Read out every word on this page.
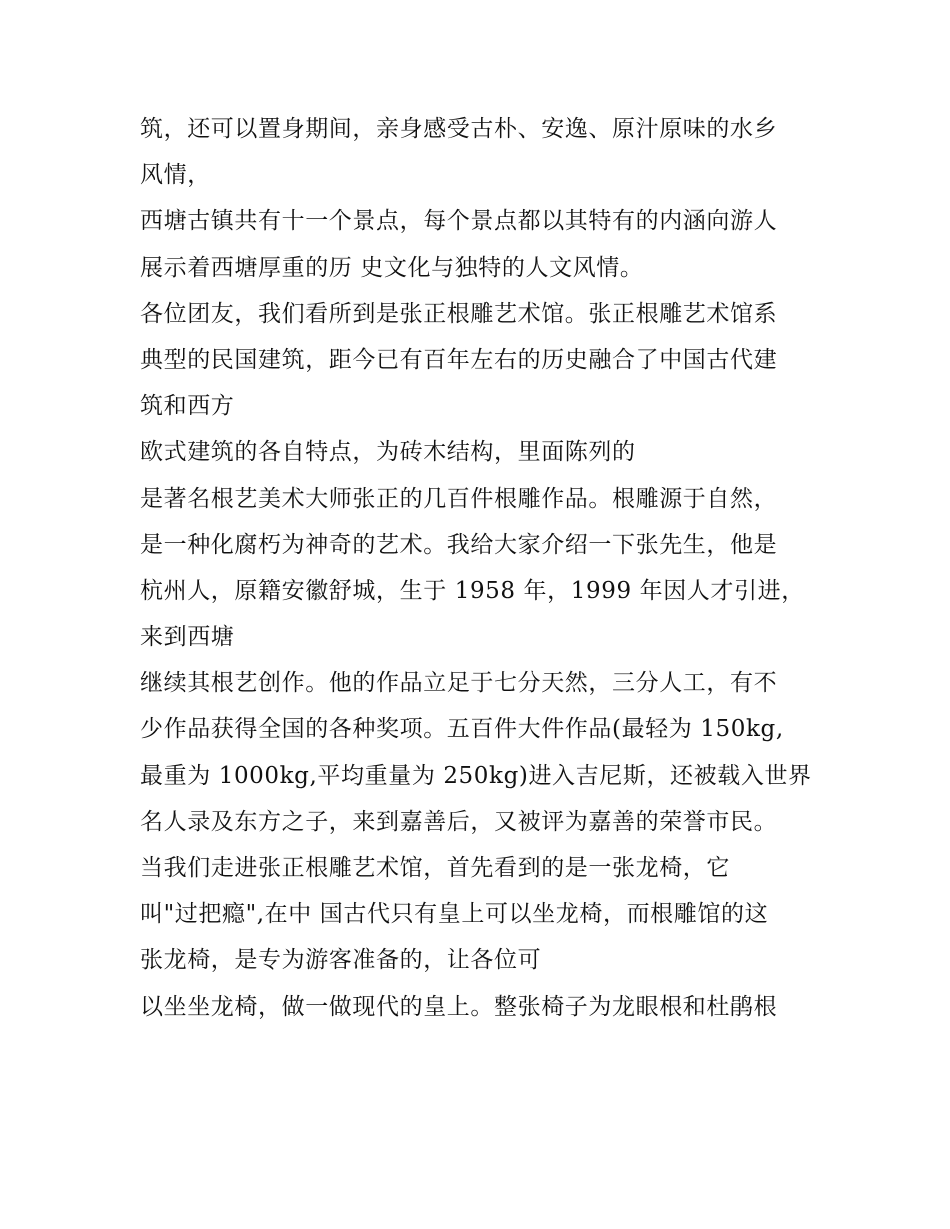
筑，还可以置身期间，亲身感受古朴、安逸、原汁原味的水乡
风情，
西塘古镇共有十一个景点，每个景点都以其特有的内涵向游人
展示着西塘厚重的历 史文化与独特的人文风情。
各位团友，我们看所到是张正根雕艺术馆。张正根雕艺术馆系
典型的民国建筑，距今已有百年左右的历史融合了中国古代建
筑和西方
欧式建筑的各自特点，为砖木结构，里面陈列的
是著名根艺美术大师张正的几百件根雕作品。根雕源于自然，
是一种化腐朽为神奇的艺术。我给大家介绍一下张先生，他是
杭州人，原籍安徽舒城，生于 1958 年，1999 年因人才引进，
来到西塘
继续其根艺创作。他的作品立足于七分天然，三分人工，有不
少作品获得全国的各种奖项。五百件大件作品(最轻为 150kg,
最重为 1000kg,平均重量为 250kg)进入吉尼斯，还被载入世界
名人录及东方之子，来到嘉善后，又被评为嘉善的荣誉市民。
当我们走进张正根雕艺术馆，首先看到的是一张龙椅，它
叫"过把瘾",在中 国古代只有皇上可以坐龙椅，而根雕馆的这
张龙椅，是专为游客准备的，让各位可
以坐坐龙椅，做一做现代的皇上。整张椅子为龙眼根和杜鹃根
